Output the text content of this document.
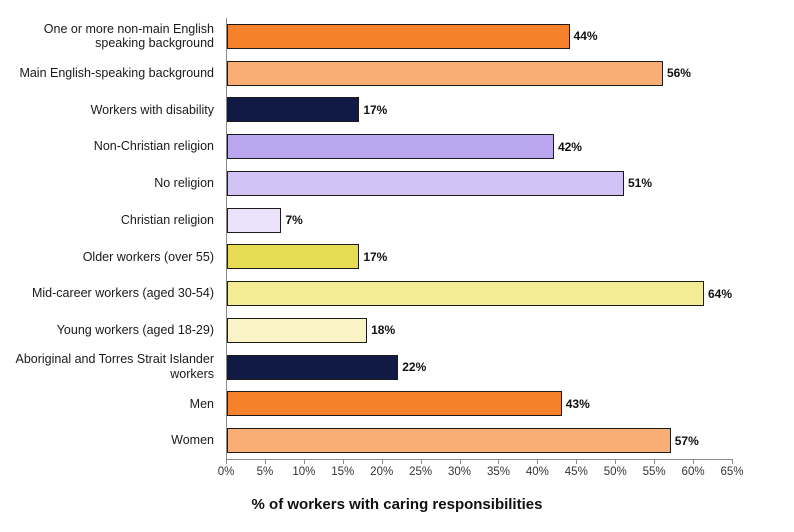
One or more non-main English
speaking background
Main English-speaking background
Workers with disability
Non-Christian religion
No religion
Christian religion
Older workers (over 55)
Mid-career workers (aged 30-54)
Young workers (aged 18-29)
Aboriginal and Torres Strait Islander
workers
Men
Women
44%
56%
17%
42%
51%
7%
17%
64%
18%
22%
43%
57%
0% 5% 10% 15% 20% 25% 30% 35% 40% 45% 50% 55% 60% 65%
% of workers with caring responsibilities
